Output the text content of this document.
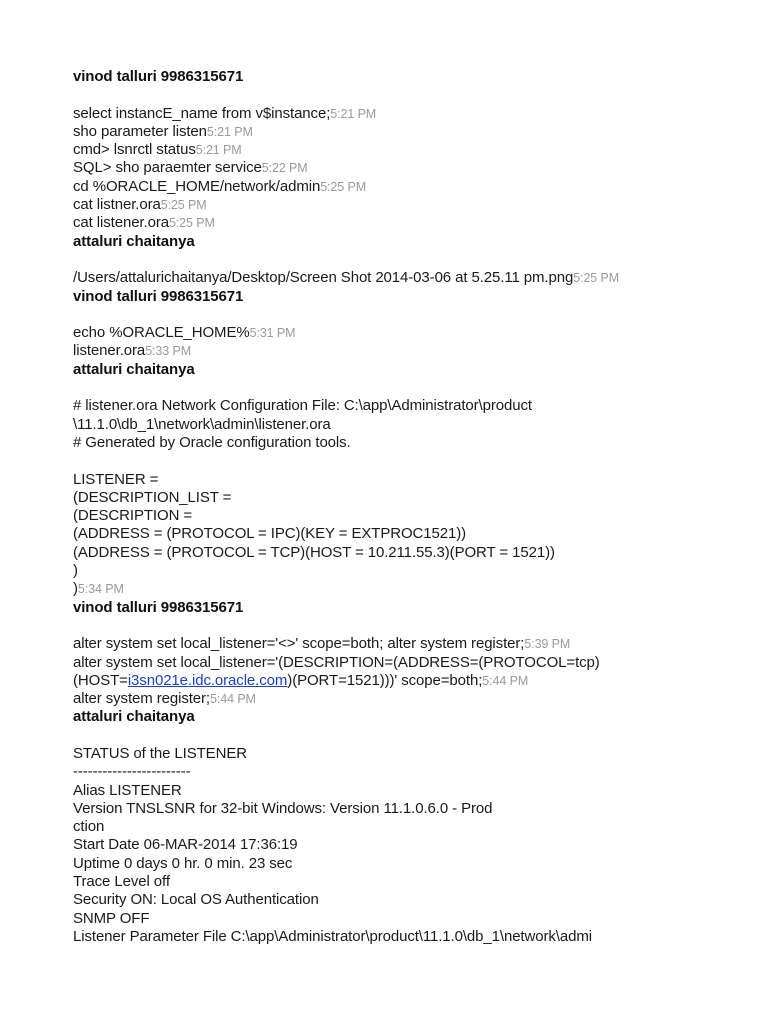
vinod talluri 9986315671
select instancE_name from v$instance;5:21 PM
sho parameter listen5:21 PM
cmd> lsnrctl status5:21 PM
SQL> sho paraemter service5:22 PM
cd %ORACLE_HOME/network/admin5:25 PM
cat listner.ora5:25 PM
cat listener.ora5:25 PM
attaluri chaitanya
/Users/attalurichaitanya/Desktop/Screen Shot 2014-03-06 at 5.25.11 pm.png5:25 PM
vinod talluri 9986315671
echo %ORACLE_HOME%5:31 PM
listener.ora5:33 PM
attaluri chaitanya
# listener.ora Network Configuration File: C:\app\Administrator\product
\11.1.0\db_1\network\admin\listener.ora
# Generated by Oracle configuration tools.
LISTENER =
(DESCRIPTION_LIST =
(DESCRIPTION =
(ADDRESS = (PROTOCOL = IPC)(KEY = EXTPROC1521))
(ADDRESS = (PROTOCOL = TCP)(HOST = 10.211.55.3)(PORT = 1521))
)
)5:34 PM
vinod talluri 9986315671
alter system set local_listener='<>' scope=both; alter system register;5:39 PM
alter system set local_listener='(DESCRIPTION=(ADDRESS=(PROTOCOL=tcp)
(HOST=i3sn021e.idc.oracle.com)(PORT=1521)))' scope=both;5:44 PM
alter system register;5:44 PM
attaluri chaitanya
STATUS of the LISTENER
------------------------
Alias LISTENER
Version TNSLSNR for 32-bit Windows: Version 11.1.0.6.0 - Prod
ction
Start Date 06-MAR-2014 17:36:19
Uptime 0 days 0 hr. 0 min. 23 sec
Trace Level off
Security ON: Local OS Authentication
SNMP OFF
Listener Parameter File C:\app\Administrator\product\11.1.0\db_1\network\admi
